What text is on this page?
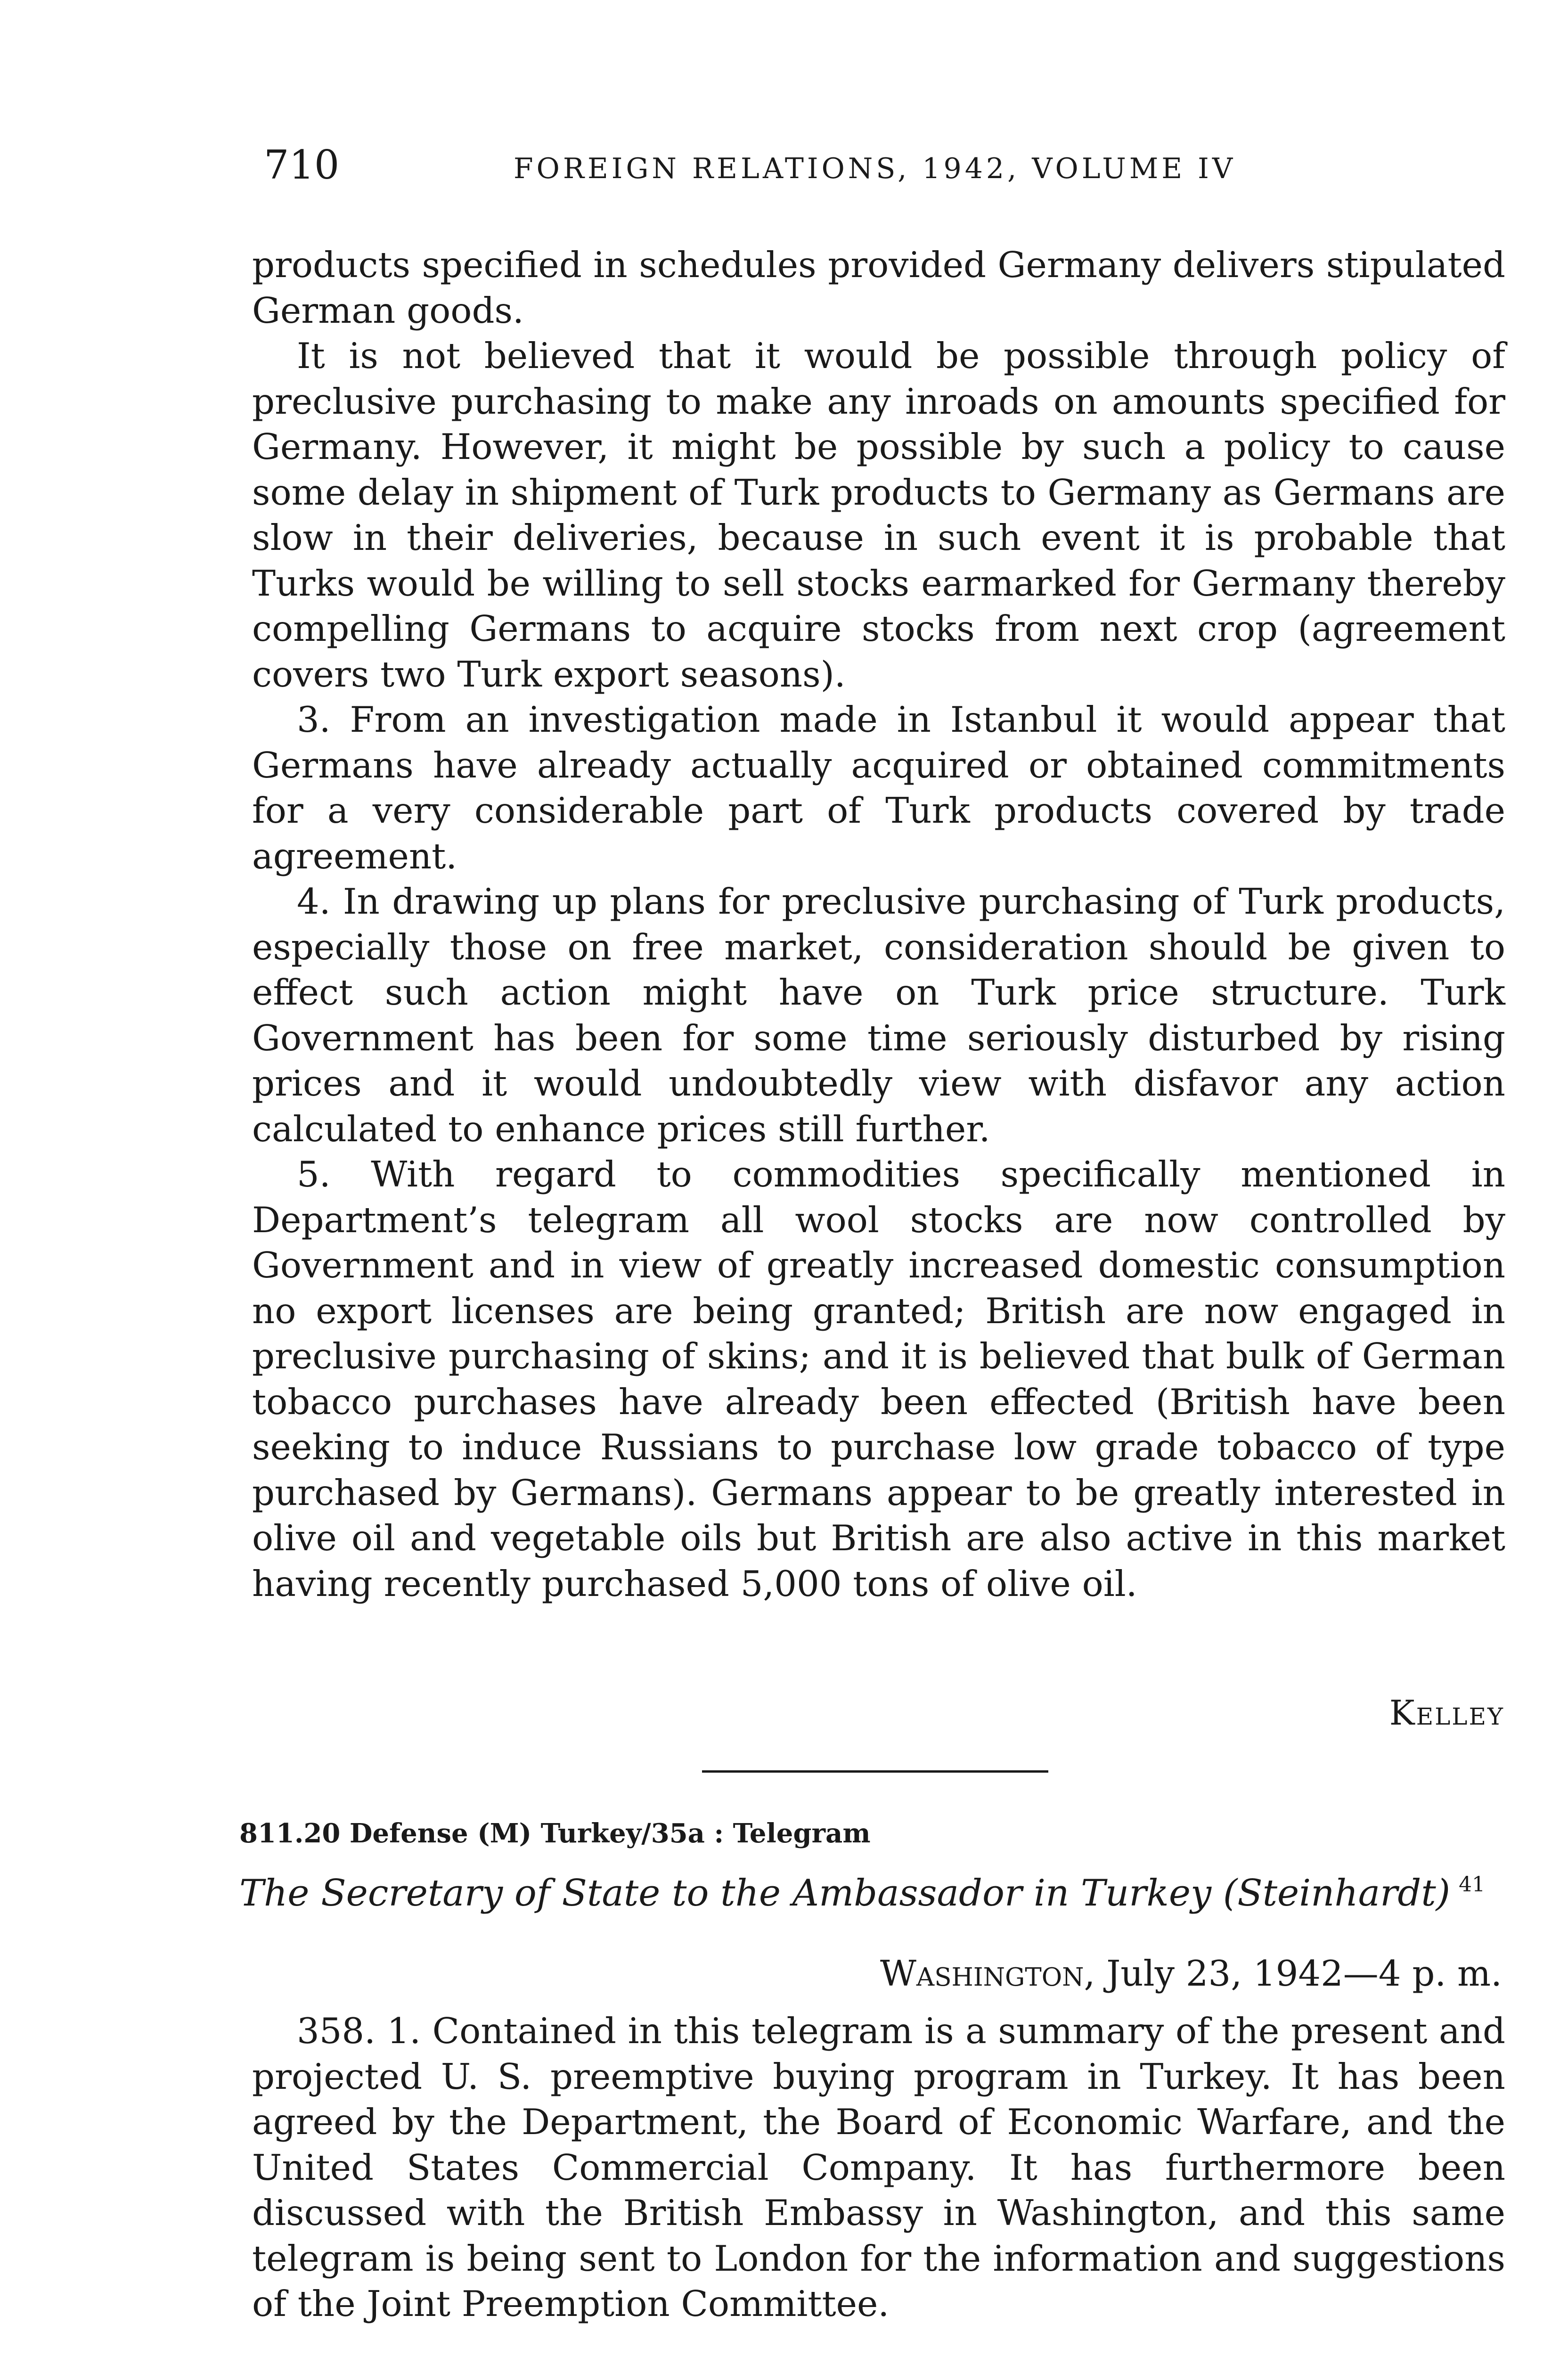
710	FOREIGN RELATIONS, 1942, VOLUME IV

products specified in schedules provided Germany delivers stipulated German goods.

It is not believed that it would be possible through policy of preclusive purchasing to make any inroads on amounts specified for Germany. However, it might be possible by such a policy to cause some delay in shipment of Turk products to Germany as Germans are slow in their deliveries, because in such event it is probable that Turks would be willing to sell stocks earmarked for Germany thereby compelling Germans to acquire stocks from next crop (agreement covers two Turk export seasons).

3. From an investigation made in Istanbul it would appear that Germans have already actually acquired or obtained commitments for a very considerable part of Turk products covered by trade agreement.

4. In drawing up plans for preclusive purchasing of Turk products, especially those on free market, consideration should be given to effect such action might have on Turk price structure. Turk Government has been for some time seriously disturbed by rising prices and it would undoubtedly view with disfavor any action calculated to enhance prices still further.

5. With regard to commodities specifically mentioned in Department’s telegram all wool stocks are now controlled by Government and in view of greatly increased domestic consumption no export licenses are being granted; British are now engaged in preclusive purchasing of skins; and it is believed that bulk of German tobacco purchases have already been effected (British have been seeking to induce Russians to purchase low grade tobacco of type purchased by Germans). Germans appear to be greatly interested in olive oil and vegetable oils but British are also active in this market having recently purchased 5,000 tons of olive oil.

Kelley
811.20 Defense (M) Turkey/35a : Telegram
The Secretary of State to the Ambassador in Turkey (Steinhardt) $^{41}$
Washington, July 23, 1942—4 p. m.

358. 1. Contained in this telegram is a summary of the present and projected U. S. preemptive buying program in Turkey. It has been agreed by the Department, the Board of Economic Warfare, and the United States Commercial Company. It has furthermore been discussed with the British Embassy in Washington, and this same telegram is being sent to London for the information and suggestions of the Joint Preemption Committee.
